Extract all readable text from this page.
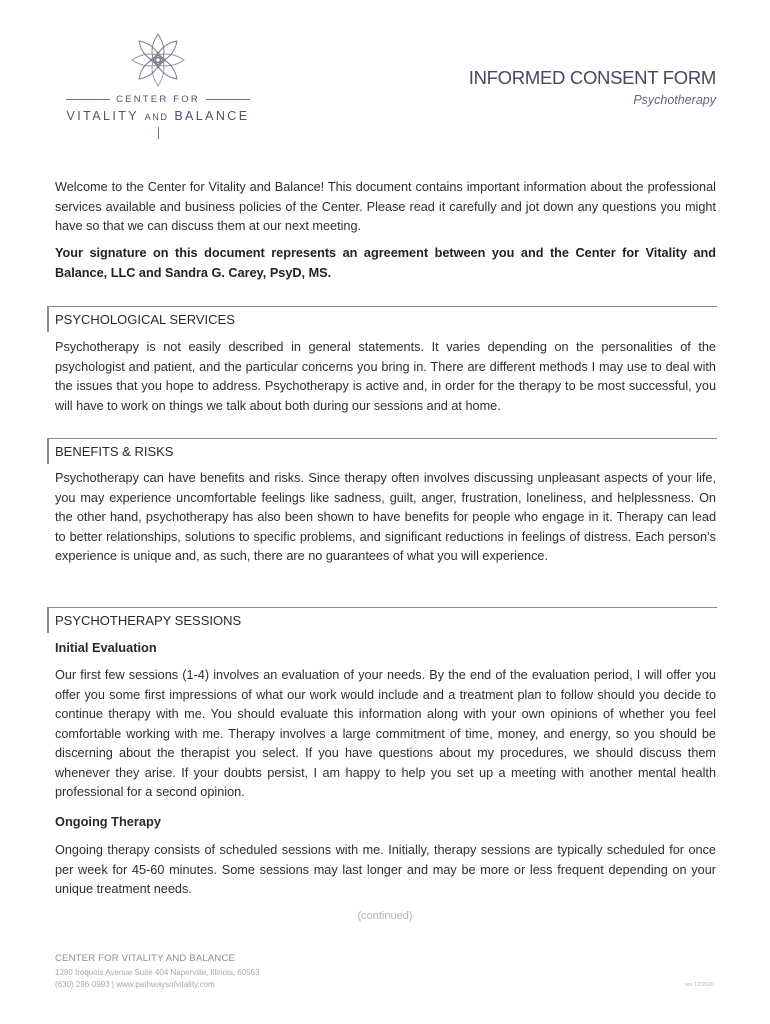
CENTER FOR
VITALITY AND BALANCE
INFORMED CONSENT FORM
Psychotherapy
Welcome to the Center for Vitality and Balance! This document contains important information about the professional services available and business policies of the Center. Please read it carefully and jot down any questions you might have so that we can discuss them at our next meeting.
Your signature on this document represents an agreement between you and the Center for Vitality and Balance, LLC and Sandra G. Carey, PsyD, MS.
PSYCHOLOGICAL SERVICES
Psychotherapy is not easily described in general statements. It varies depending on the personalities of the psychologist and patient, and the particular concerns you bring in. There are different methods I may use to deal with the issues that you hope to address. Psychotherapy is active and, in order for the therapy to be most successful, you will have to work on things we talk about both during our sessions and at home.
BENEFITS & RISKS
Psychotherapy can have benefits and risks. Since therapy often involves discussing unpleasant aspects of your life, you may experience uncomfortable feelings like sadness, guilt, anger, frustration, loneliness, and helplessness. On the other hand, psychotherapy has also been shown to have benefits for people who engage in it. Therapy can lead to better relationships, solutions to specific problems, and significant reductions in feelings of distress. Each person’s experience is unique and, as such, there are no guarantees of what you will experience.
PSYCHOTHERAPY SESSIONS
Initial Evaluation
Our first few sessions (1-4) involves an evaluation of your needs. By the end of the evaluation period, I will offer you offer you some first impressions of what our work would include and a treatment plan to follow should you decide to continue therapy with me. You should evaluate this information along with your own opinions of whether you feel comfortable working with me. Therapy involves a large commitment of time, money, and energy, so you should be discerning about the therapist you select. If you have questions about my procedures, we should discuss them whenever they arise. If your doubts persist, I am happy to help you set up a meeting with another mental health professional for a second opinion.
Ongoing Therapy
Ongoing therapy consists of scheduled sessions with me. Initially, therapy sessions are typically scheduled for once per week for 45-60 minutes. Some sessions may last longer and may be more or less frequent depending on your unique treatment needs.
(continued)
CENTER FOR VITALITY AND BALANCE
1280 Iroquois Avenue Suite 404 Naperville, Illinois, 60563
(630) 286-0993 | www.pathwaysofvitality.com	rev 12/2020
